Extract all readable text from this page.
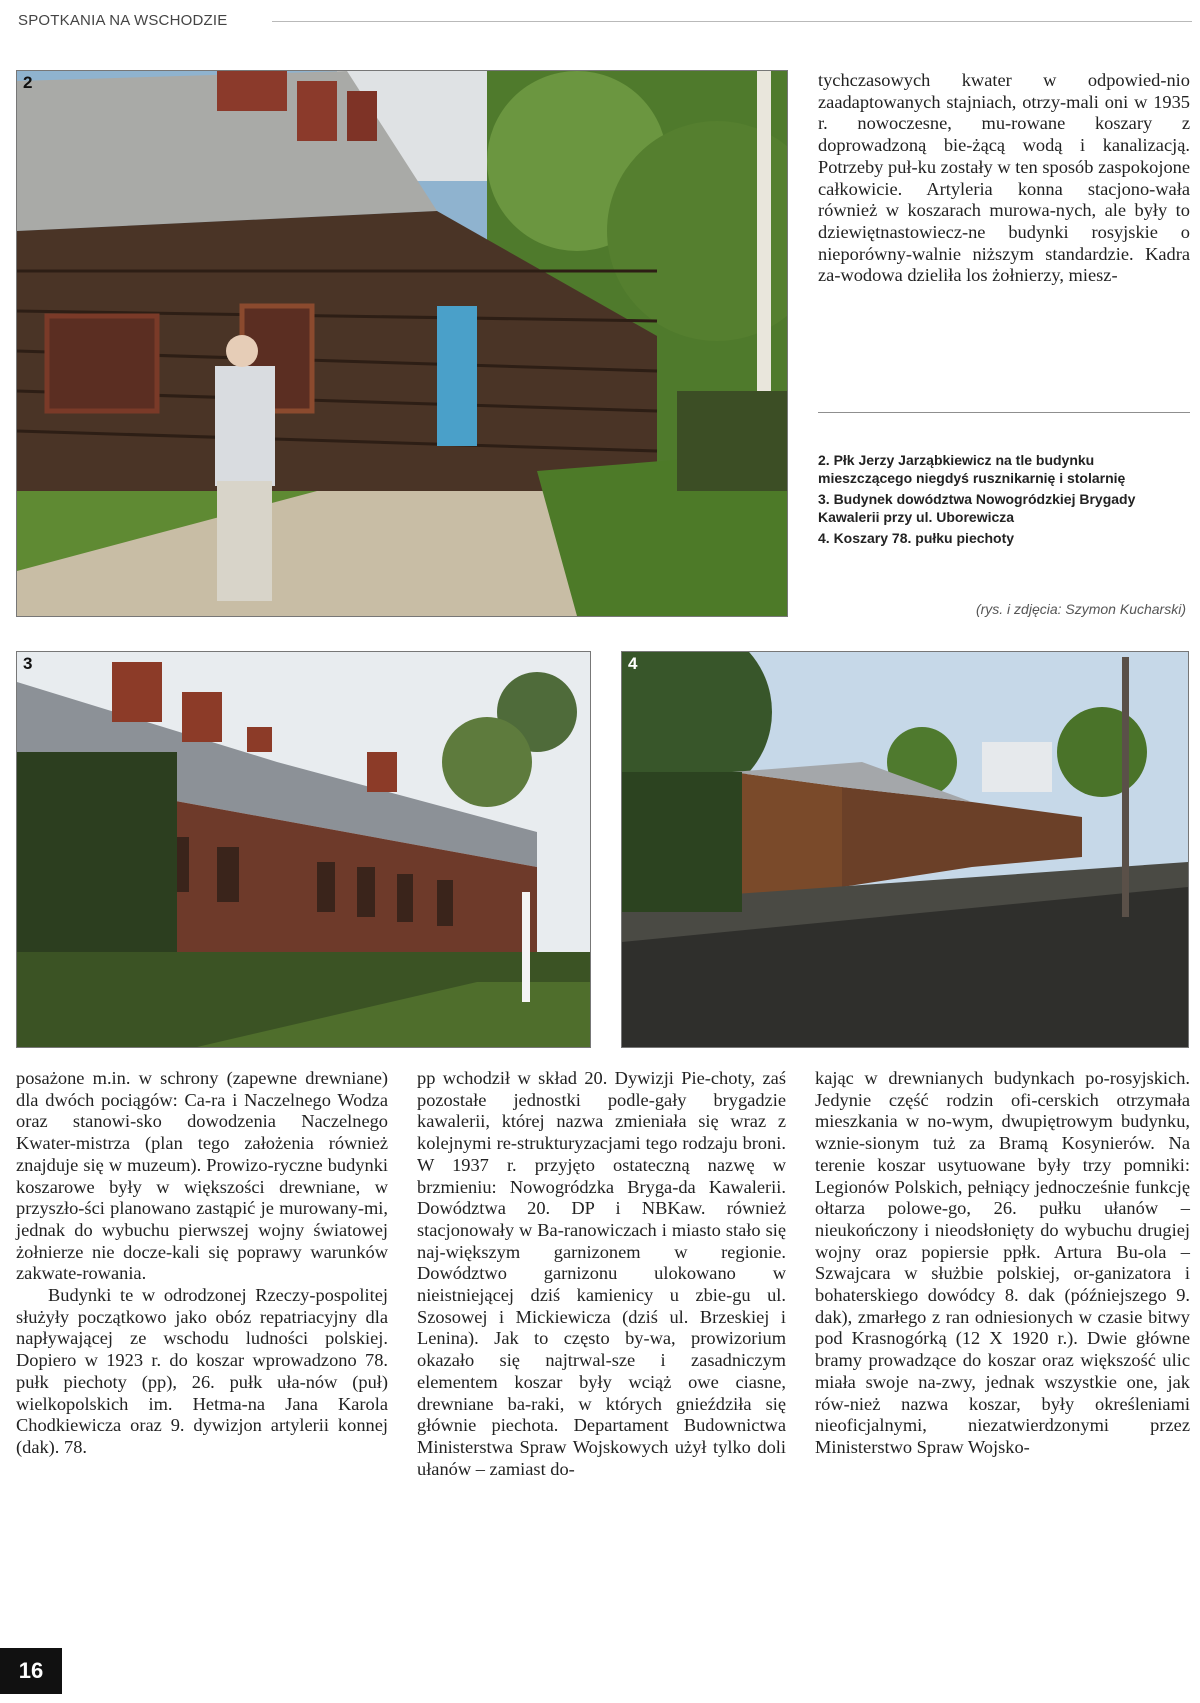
SPOTKANIA NA WSCHODZIE
2	tychczasowych kwater w odpowied-nio zaadaptowanych stajniach, otrzy-mali oni w 1935 r. nowoczesne, mu-rowane koszary z doprowadzoną bie-żącą wodą i kanalizacją. Potrzeby puł-ku zostały w ten sposób zaspokojone całkowicie. Artyleria konna stacjono-wała również w koszarach murowa-nych, ale były to dziewiętnastowiecz-ne budynki rosyjskie o nieporówny-walnie niższym standardzie. Kadra za-wodowa dzieliła los żołnierzy, miesz-
2. Płk Jerzy Jarząbkiewicz na tle budynku mieszczącego niegdyś rusznikarnię i stolarnię
3. Budynek dowództwa Nowogródzkiej Brygady Kawalerii przy ul. Uborewicza
4. Koszary 78. pułku piechoty
(rys. i zdjęcia: Szymon Kucharski)
3	4

posażone m.in. w schrony (zapewne drewniane) dla dwóch pociągów: Ca-ra i Naczelnego Wodza oraz stanowi-sko dowodzenia Naczelnego Kwater-mistrza (plan tego założenia również znajduje się w muzeum). Prowizo-ryczne budynki koszarowe były w większości drewniane, w przyszło-ści planowano zastąpić je murowany-mi, jednak do wybuchu pierwszej wojny światowej żołnierze nie docze-kali się poprawy warunków zakwate-rowania.

Budynki te w odrodzonej Rzeczy-pospolitej służyły początkowo jako obóz repatriacyjny dla napływającej ze wschodu ludności polskiej. Dopiero w 1923 r. do koszar wprowadzono 78. pułk piechoty (pp), 26. pułk uła-nów (puł) wielkopolskich im. Hetma-na Jana Karola Chodkiewicza oraz 9. dywizjon artylerii konnej (dak). 78.

pp wchodził w skład 20. Dywizji Pie-choty, zaś pozostałe jednostki podle-gały brygadzie kawalerii, której nazwa zmieniała się wraz z kolejnymi re-strukturyzacjami tego rodzaju broni. W 1937 r. przyjęto ostateczną nazwę w brzmieniu: Nowogródzka Bryga-da Kawalerii. Dowództwa 20. DP i NBKaw. również stacjonowały w Ba-ranowiczach i miasto stało się naj-większym garnizonem w regionie. Dowództwo garnizonu ulokowano w nieistniejącej dziś kamienicy u zbie-gu ul. Szosowej i Mickiewicza (dziś ul. Brzeskiej i Lenina). Jak to często by-wa, prowizorium okazało się najtrwal-sze i zasadniczym elementem koszar były wciąż owe ciasne, drewniane ba-raki, w których gnieździła się głównie piechota. Departament Budownictwa Ministerstwa Spraw Wojskowych użył tylko doli ułanów – zamiast do-
kając w drewnianych budynkach po-rosyjskich. Jedynie część rodzin ofi-cerskich otrzymała mieszkania w no-wym, dwupiętrowym budynku, wznie-sionym tuż za Bramą Kosynierów. Na terenie koszar usytuowane były trzy pomniki: Legionów Polskich, pełniący jednocześnie funkcję ołtarza polowe-go, 26. pułku ułanów – nieukończony i nieodsłonięty do wybuchu drugiej wojny oraz popiersie ppłk. Artura Bu-ola – Szwajcara w służbie polskiej, or-ganizatora i bohaterskiego dowódcy 8. dak (późniejszego 9. dak), zmarłego z ran odniesionych w czasie bitwy pod Krasnogórką (12 X 1920 r.). Dwie główne bramy prowadzące do koszar oraz większość ulic miała swoje na-zwy, jednak wszystkie one, jak rów-nież nazwa koszar, były określeniami nieoficjalnymi, niezatwierdzonymi przez Ministerstwo Spraw Wojsko-
16
